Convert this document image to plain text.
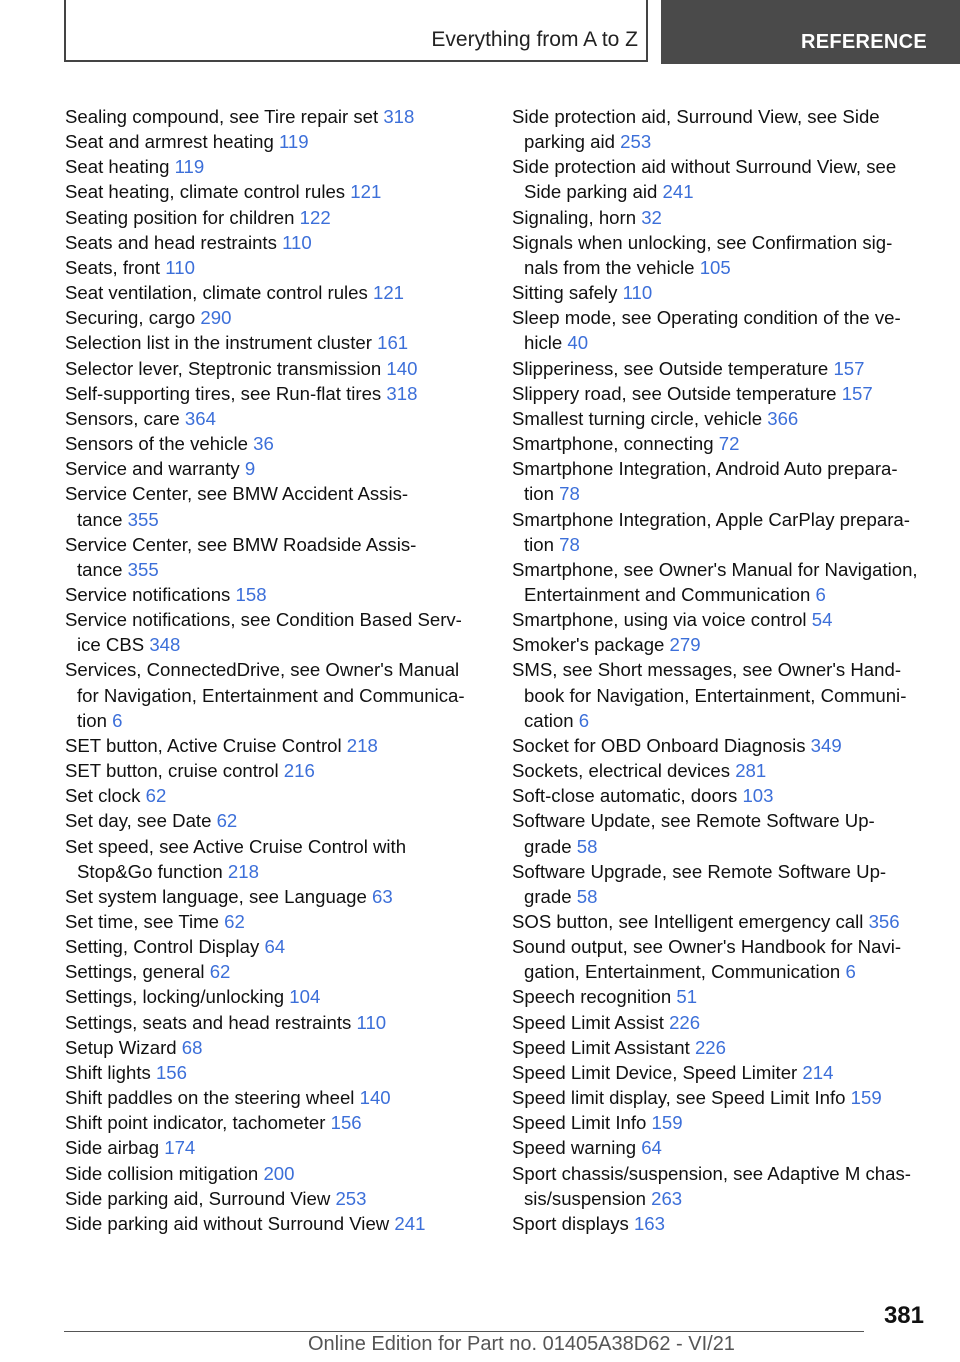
Everything from A to Z	REFERENCE
Sealing compound, see Tire repair set 318
Seat and armrest heating 119
Seat heating 119
Seat heating, climate control rules 121
Seating position for children 122
Seats and head restraints 110
Seats, front 110
Seat ventilation, climate control rules 121
Securing, cargo 290
Selection list in the instrument cluster 161
Selector lever, Steptronic transmission 140
Self-supporting tires, see Run-flat tires 318
Sensors, care 364
Sensors of the vehicle 36
Service and warranty 9
Service Center, see BMW Accident Assis-
tance 355
Service Center, see BMW Roadside Assis-
tance 355
Service notifications 158
Service notifications, see Condition Based Serv-
ice CBS 348
Services, ConnectedDrive, see Owner's Manual
for Navigation, Entertainment and Communica-
tion 6
SET button, Active Cruise Control 218
SET button, cruise control 216
Set clock 62
Set day, see Date 62
Set speed, see Active Cruise Control with
Stop&Go function 218
Set system language, see Language 63
Set time, see Time 62
Setting, Control Display 64
Settings, general 62
Settings, locking/unlocking 104
Settings, seats and head restraints 110
Setup Wizard 68
Shift lights 156
Shift paddles on the steering wheel 140
Shift point indicator, tachometer 156
Side airbag 174
Side collision mitigation 200
Side parking aid, Surround View 253
Side parking aid without Surround View 241
Side protection aid, Surround View, see Side
parking aid 253
Side protection aid without Surround View, see
Side parking aid 241
Signaling, horn 32
Signals when unlocking, see Confirmation sig-
nals from the vehicle 105
Sitting safely 110
Sleep mode, see Operating condition of the ve-
hicle 40
Slipperiness, see Outside temperature 157
Slippery road, see Outside temperature 157
Smallest turning circle, vehicle 366
Smartphone, connecting 72
Smartphone Integration, Android Auto prepara-
tion 78
Smartphone Integration, Apple CarPlay prepara-
tion 78
Smartphone, see Owner's Manual for Navigation,
Entertainment and Communication 6
Smartphone, using via voice control 54
Smoker's package 279
SMS, see Short messages, see Owner's Hand-
book for Navigation, Entertainment, Communi-
cation 6
Socket for OBD Onboard Diagnosis 349
Sockets, electrical devices 281
Soft-close automatic, doors 103
Software Update, see Remote Software Up-
grade 58
Software Upgrade, see Remote Software Up-
grade 58
SOS button, see Intelligent emergency call 356
Sound output, see Owner's Handbook for Navi-
gation, Entertainment, Communication 6
Speech recognition 51
Speed Limit Assist 226
Speed Limit Assistant 226
Speed Limit Device, Speed Limiter 214
Speed limit display, see Speed Limit Info 159
Speed Limit Info 159
Speed warning 64
Sport chassis/suspension, see Adaptive M chas-
sis/suspension 263
Sport displays 163
381
Online Edition for Part no. 01405A38D62 - VI/21
